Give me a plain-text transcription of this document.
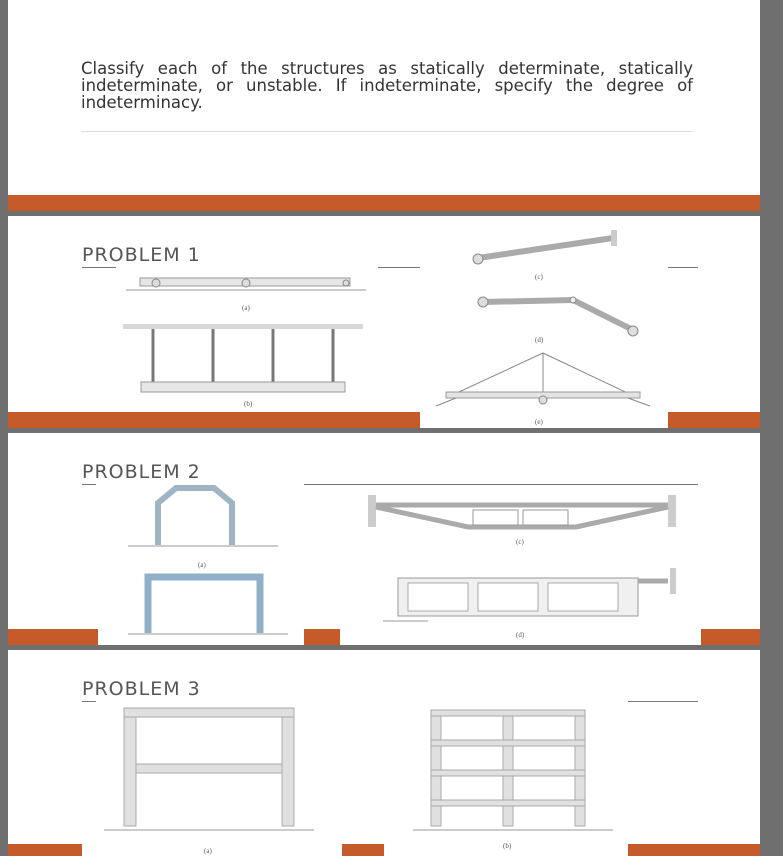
Classify each of the structures as statically determinate, statically indeterminate, or unstable. If indeterminate, specify the degree of indeterminacy.
PROBLEM 1
(a)
(b)
(c)
(d)
(e)
PROBLEM 2
(a)
(c)
(d)
PROBLEM 3
(a)
(b)
